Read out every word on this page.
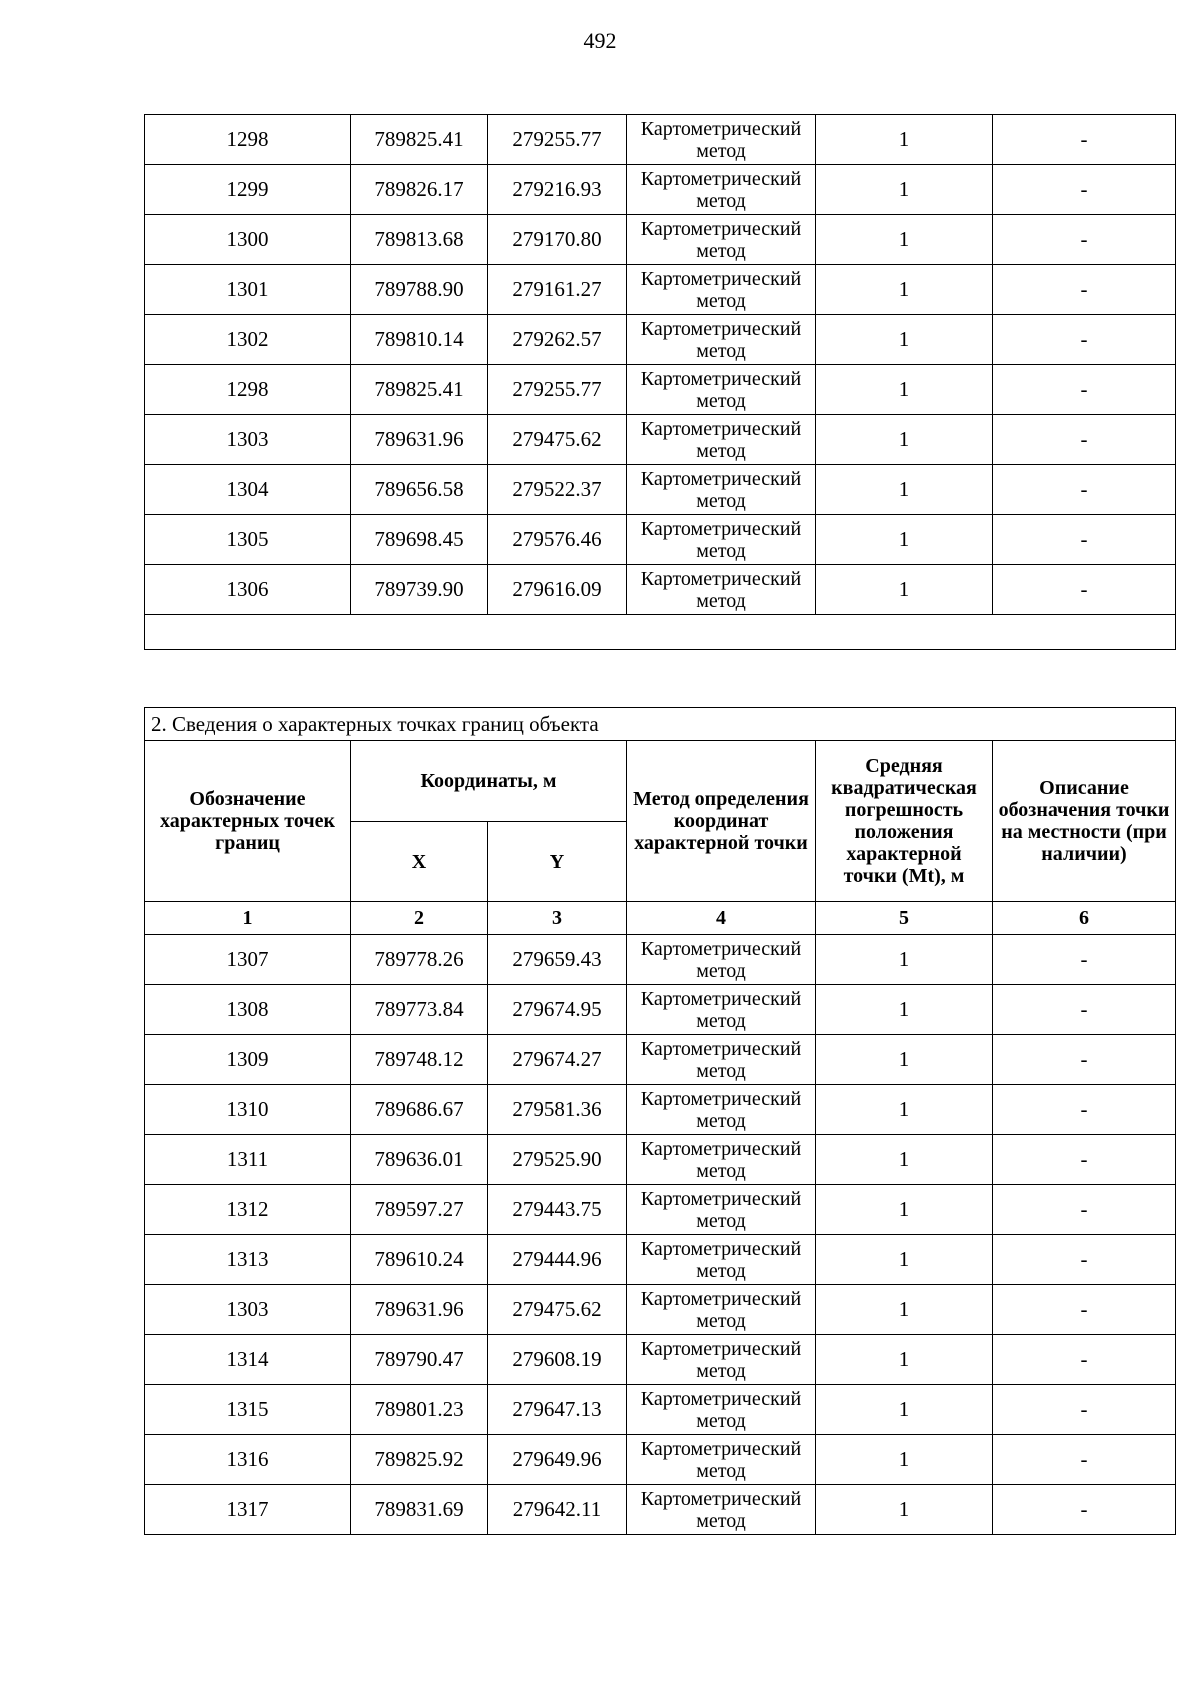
492
1298	789825.41	279255.77	Картометрический метод	1	-
1299	789826.17	279216.93	Картометрический метод	1	-
1300	789813.68	279170.80	Картометрический метод	1	-
1301	789788.90	279161.27	Картометрический метод	1	-
1302	789810.14	279262.57	Картометрический метод	1	-
1298	789825.41	279255.77	Картометрический метод	1	-
1303	789631.96	279475.62	Картометрический метод	1	-
1304	789656.58	279522.37	Картометрический метод	1	-
1305	789698.45	279576.46	Картометрический метод	1	-
1306	789739.90	279616.09	Картометрический метод	1	-

2. Сведения о характерных точках границ объекта					
Обозначение характерных точек границ	Координаты, м		Метод определения координат характерной точки	Средняя квадратическая погрешность положения характерной точки (Mt), м	Описание обозначения точки на местности (при наличии)
	X	Y			
1	2	3	4	5	6
1307	789778.26	279659.43	Картометрический метод	1	-
1308	789773.84	279674.95	Картометрический метод	1	-
1309	789748.12	279674.27	Картометрический метод	1	-
1310	789686.67	279581.36	Картометрический метод	1	-
1311	789636.01	279525.90	Картометрический метод	1	-
1312	789597.27	279443.75	Картометрический метод	1	-
1313	789610.24	279444.96	Картометрический метод	1	-
1303	789631.96	279475.62	Картометрический метод	1	-
1314	789790.47	279608.19	Картометрический метод	1	-
1315	789801.23	279647.13	Картометрический метод	1	-
1316	789825.92	279649.96	Картометрический метод	1	-
1317	789831.69	279642.11	Картометрический метод	1	-
